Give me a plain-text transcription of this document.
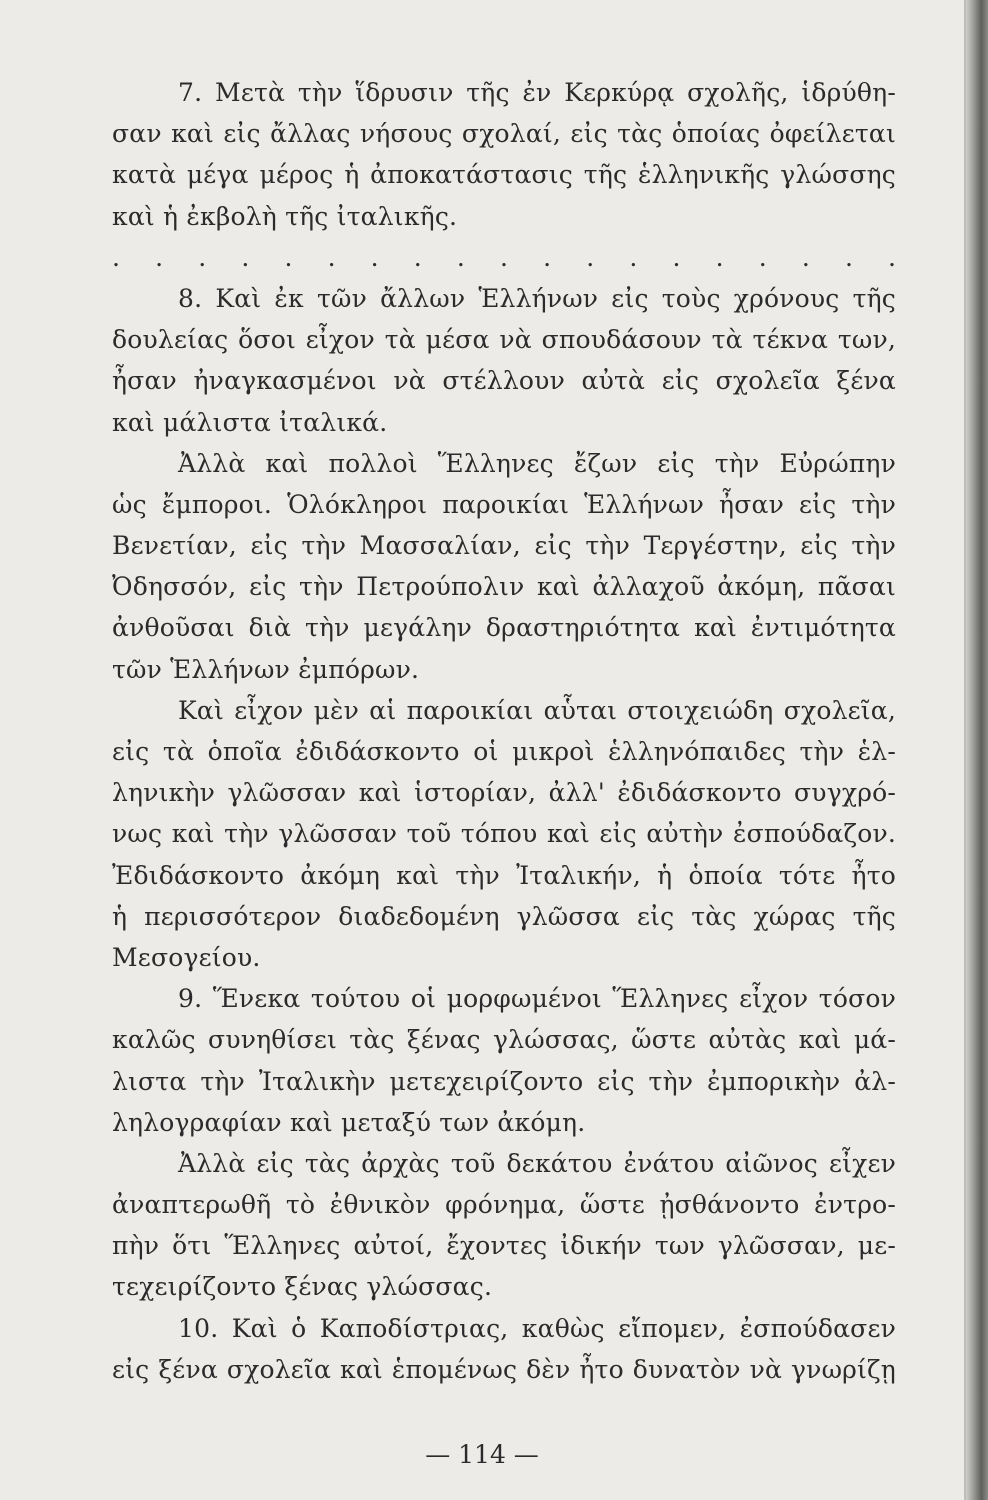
7. Μετὰ τὴν ἵδρυσιν τῆς ἐν Κερκύρᾳ σχολῆς, ἱδρύθη-
σαν καὶ εἰς ἄλλας νήσους σχολαί, εἰς τὰς ὁποίας ὀφείλεται
κατὰ μέγα μέρος ἡ ἀποκατάστασις τῆς ἑλληνικῆς γλώσσης
καὶ ἡ ἐκβολὴ τῆς ἰταλικῆς.
. . . . . . . . . . . . . . . . . . .
8. Καὶ ἐκ τῶν ἄλλων Ἑλλήνων εἰς τοὺς χρόνους τῆς
δουλείας ὅσοι εἶχον τὰ μέσα νὰ σπουδάσουν τὰ τέκνα των,
ἦσαν ἠναγκασμένοι νὰ στέλλουν αὐτὰ εἰς σχολεῖα ξένα
καὶ μάλιστα ἰταλικά.
Ἀλλὰ καὶ πολλοὶ Ἕλληνες ἔζων εἰς τὴν Εὐρώπην
ὡς ἔμποροι. Ὁλόκληροι παροικίαι Ἑλλήνων ἦσαν εἰς τὴν
Βενετίαν, εἰς τὴν Μασσαλίαν, εἰς τὴν Τεργέστην, εἰς τὴν
Ὀδησσόν, εἰς τὴν Πετρούπολιν καὶ ἀλλαχοῦ ἀκόμη, πᾶσαι
ἀνθοῦσαι διὰ τὴν μεγάλην δραστηριότητα καὶ ἐντιμότητα
τῶν Ἑλλήνων ἐμπόρων.
Καὶ εἶχον μὲν αἱ παροικίαι αὗται στοιχειώδη σχολεῖα,
εἰς τὰ ὁποῖα ἐδιδάσκοντο οἱ μικροὶ ἑλληνόπαιδες τὴν ἑλ-
ληνικὴν γλῶσσαν καὶ ἱστορίαν, ἀλλ' ἐδιδάσκοντο συγχρό-
νως καὶ τὴν γλῶσσαν τοῦ τόπου καὶ εἰς αὐτὴν ἐσπούδαζον.
Ἐδιδάσκοντο ἀκόμη καὶ τὴν Ἰταλικήν, ἡ ὁποία τότε ἦτο
ἡ περισσότερον διαδεδομένη γλῶσσα εἰς τὰς χώρας τῆς
Μεσογείου.
9. Ἕνεκα τούτου οἱ μορφωμένοι Ἕλληνες εἶχον τόσον
καλῶς συνηθίσει τὰς ξένας γλώσσας, ὥστε αὐτὰς καὶ μά-
λιστα τὴν Ἰταλικὴν μετεχειρίζοντο εἰς τὴν ἐμπορικὴν ἀλ-
ληλογραφίαν καὶ μεταξύ των ἀκόμη.
Ἀλλὰ εἰς τὰς ἀρχὰς τοῦ δεκάτου ἐνάτου αἰῶνος εἶχεν
ἀναπτερωθῆ τὸ ἐθνικὸν φρόνημα, ὥστε ᾐσθάνοντο ἐντρο-
πὴν ὅτι Ἕλληνες αὐτοί, ἔχοντες ἰδικήν των γλῶσσαν, με-
τεχειρίζοντο ξένας γλώσσας.
10. Καὶ ὁ Καποδίστριας, καθὼς εἴπομεν, ἐσπούδασεν
εἰς ξένα σχολεῖα καὶ ἑπομένως δὲν ἦτο δυνατὸν νὰ γνωρίζῃ
— 114 —
